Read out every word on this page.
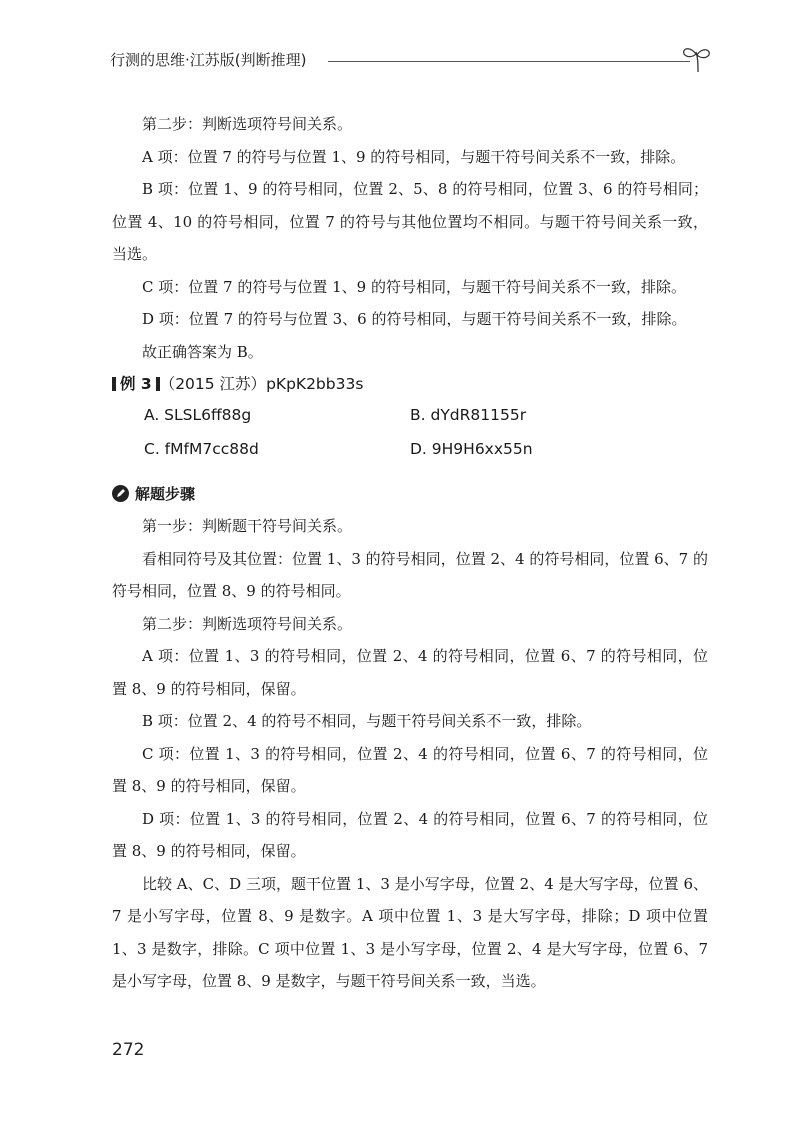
行测的思维·江苏版(判断推理)

第二步：判断选项符号间关系。

A 项：位置 7 的符号与位置 1、9 的符号相同，与题干符号间关系不一致，排除。

B 项：位置 1、9 的符号相同，位置 2、5、8 的符号相同，位置 3、6 的符号相同；位置 4、10 的符号相同，位置 7 的符号与其他位置均不相同。与题干符号间关系一致，当选。

C 项：位置 7 的符号与位置 1、9 的符号相同，与题干符号间关系不一致，排除。

D 项：位置 7 的符号与位置 3、6 的符号相同，与题干符号间关系不一致，排除。

故正确答案为 B。

例 3 （2015 江苏）pKpK2bb33s
A. SLSL6ff88g	B. dYdR81155r
C. fMfM7cc88d	D. 9H9H6xx55n
解题步骤

第一步：判断题干符号间关系。

看相同符号及其位置：位置 1、3 的符号相同，位置 2、4 的符号相同，位置 6、7 的符号相同，位置 8、9 的符号相同。

第二步：判断选项符号间关系。

A 项：位置 1、3 的符号相同，位置 2、4 的符号相同，位置 6、7 的符号相同，位置 8、9 的符号相同，保留。

B 项：位置 2、4 的符号不相同，与题干符号间关系不一致，排除。

C 项：位置 1、3 的符号相同，位置 2、4 的符号相同，位置 6、7 的符号相同，位置 8、9 的符号相同，保留。

D 项：位置 1、3 的符号相同，位置 2、4 的符号相同，位置 6、7 的符号相同，位置 8、9 的符号相同，保留。

比较 A、C、D 三项，题干位置 1、3 是小写字母，位置 2、4 是大写字母，位置 6、7 是小写字母，位置 8、9 是数字。A 项中位置 1、3 是大写字母，排除；D 项中位置 1、3 是数字，排除。C 项中位置 1、3 是小写字母，位置 2、4 是大写字母，位置 6、7 是小写字母，位置 8、9 是数字，与题干符号间关系一致，当选。

272
